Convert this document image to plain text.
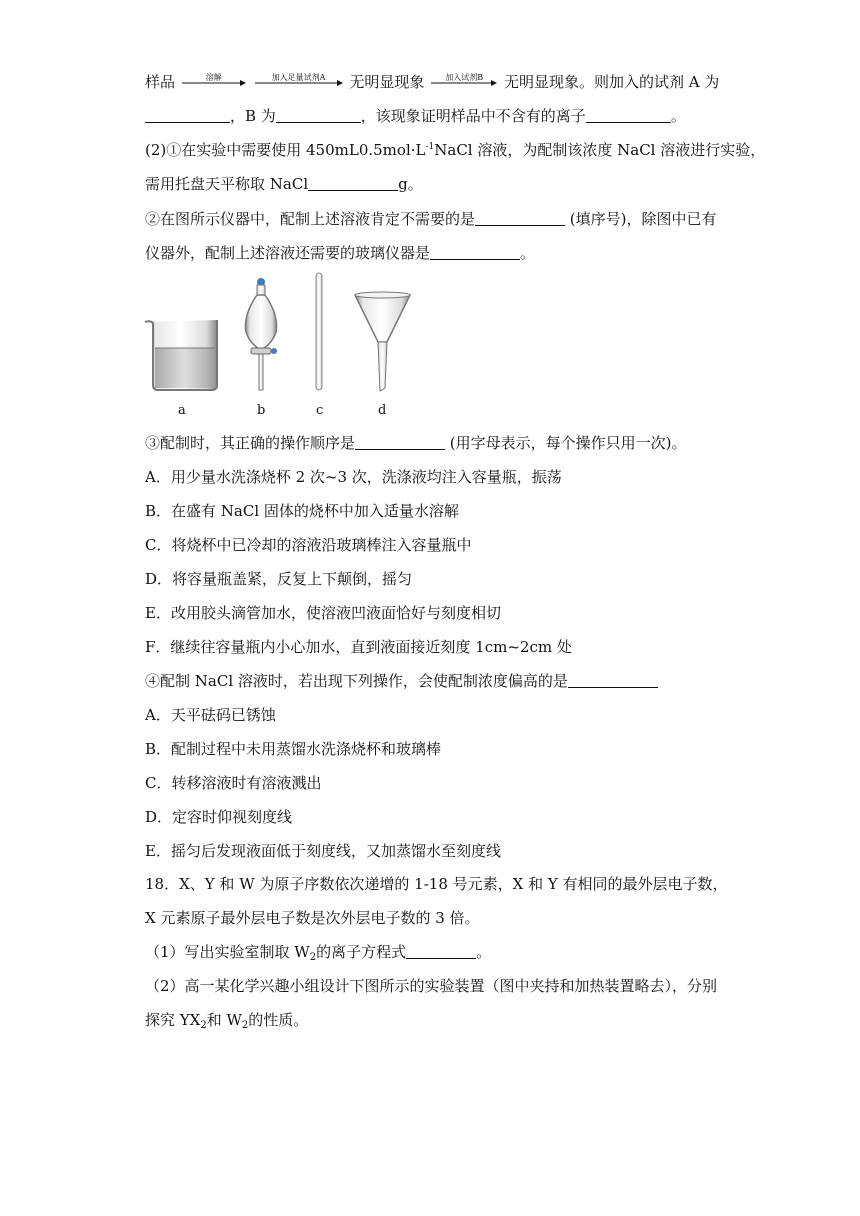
样品	溶解
	加入足量试剂A	无明显现象	加入试剂B	无明显现象。则加入的试剂 A 为
，B 为	，该现象证明样品中不含有的离子	。
(2)①在实验中需要使用 $450mL0.5mol\cdot L^{-1}NaCl$ 溶液，为配制该浓度 NaCl 溶液进行实验，
需用托盘天平称取 NaCl	g。
②在图所示仪器中，配制上述溶液肯定不需要的是	(填序号)，除图中已有
仪器外，配制上述溶液还需要的玻璃仪器是	。
a	b	c	d
③配制时，其正确的操作顺序是	(用字母表示，每个操作只用一次)。
A．用少量水洗涤烧杯 2 次~3 次，洗涤液均注入容量瓶，振荡
B．在盛有 NaCl 固体的烧杯中加入适量水溶解
C．将烧杯中已冷却的溶液沿玻璃棒注入容量瓶中
D．将容量瓶盖紧，反复上下颠倒，摇匀
E．改用胶头滴管加水，使溶液凹液面恰好与刻度相切
F．继续往容量瓶内小心加水，直到液面接近刻度 1cm~2cm 处
④配制 NaCl 溶液时，若出现下列操作，会使配制浓度偏高的是
A．天平砝码已锈蚀
B．配制过程中未用蒸馏水洗涤烧杯和玻璃棒
C．转移溶液时有溶液溅出
D．定容时仰视刻度线
E．摇匀后发现液面低于刻度线，又加蒸馏水至刻度线
18．X、Y 和 W 为原子序数依次递增的 1-18 号元素，X 和 Y 有相同的最外层电子数，
X 元素原子最外层电子数是次外层电子数的 3 倍。
（1）写出实验室制取 $W_2$的离子方程式	。
（2）高一某化学兴趣小组设计下图所示的实验装置（图中夹持和加热装置略去），分别
探究 $YX_2$和 $W_2$的性质。
